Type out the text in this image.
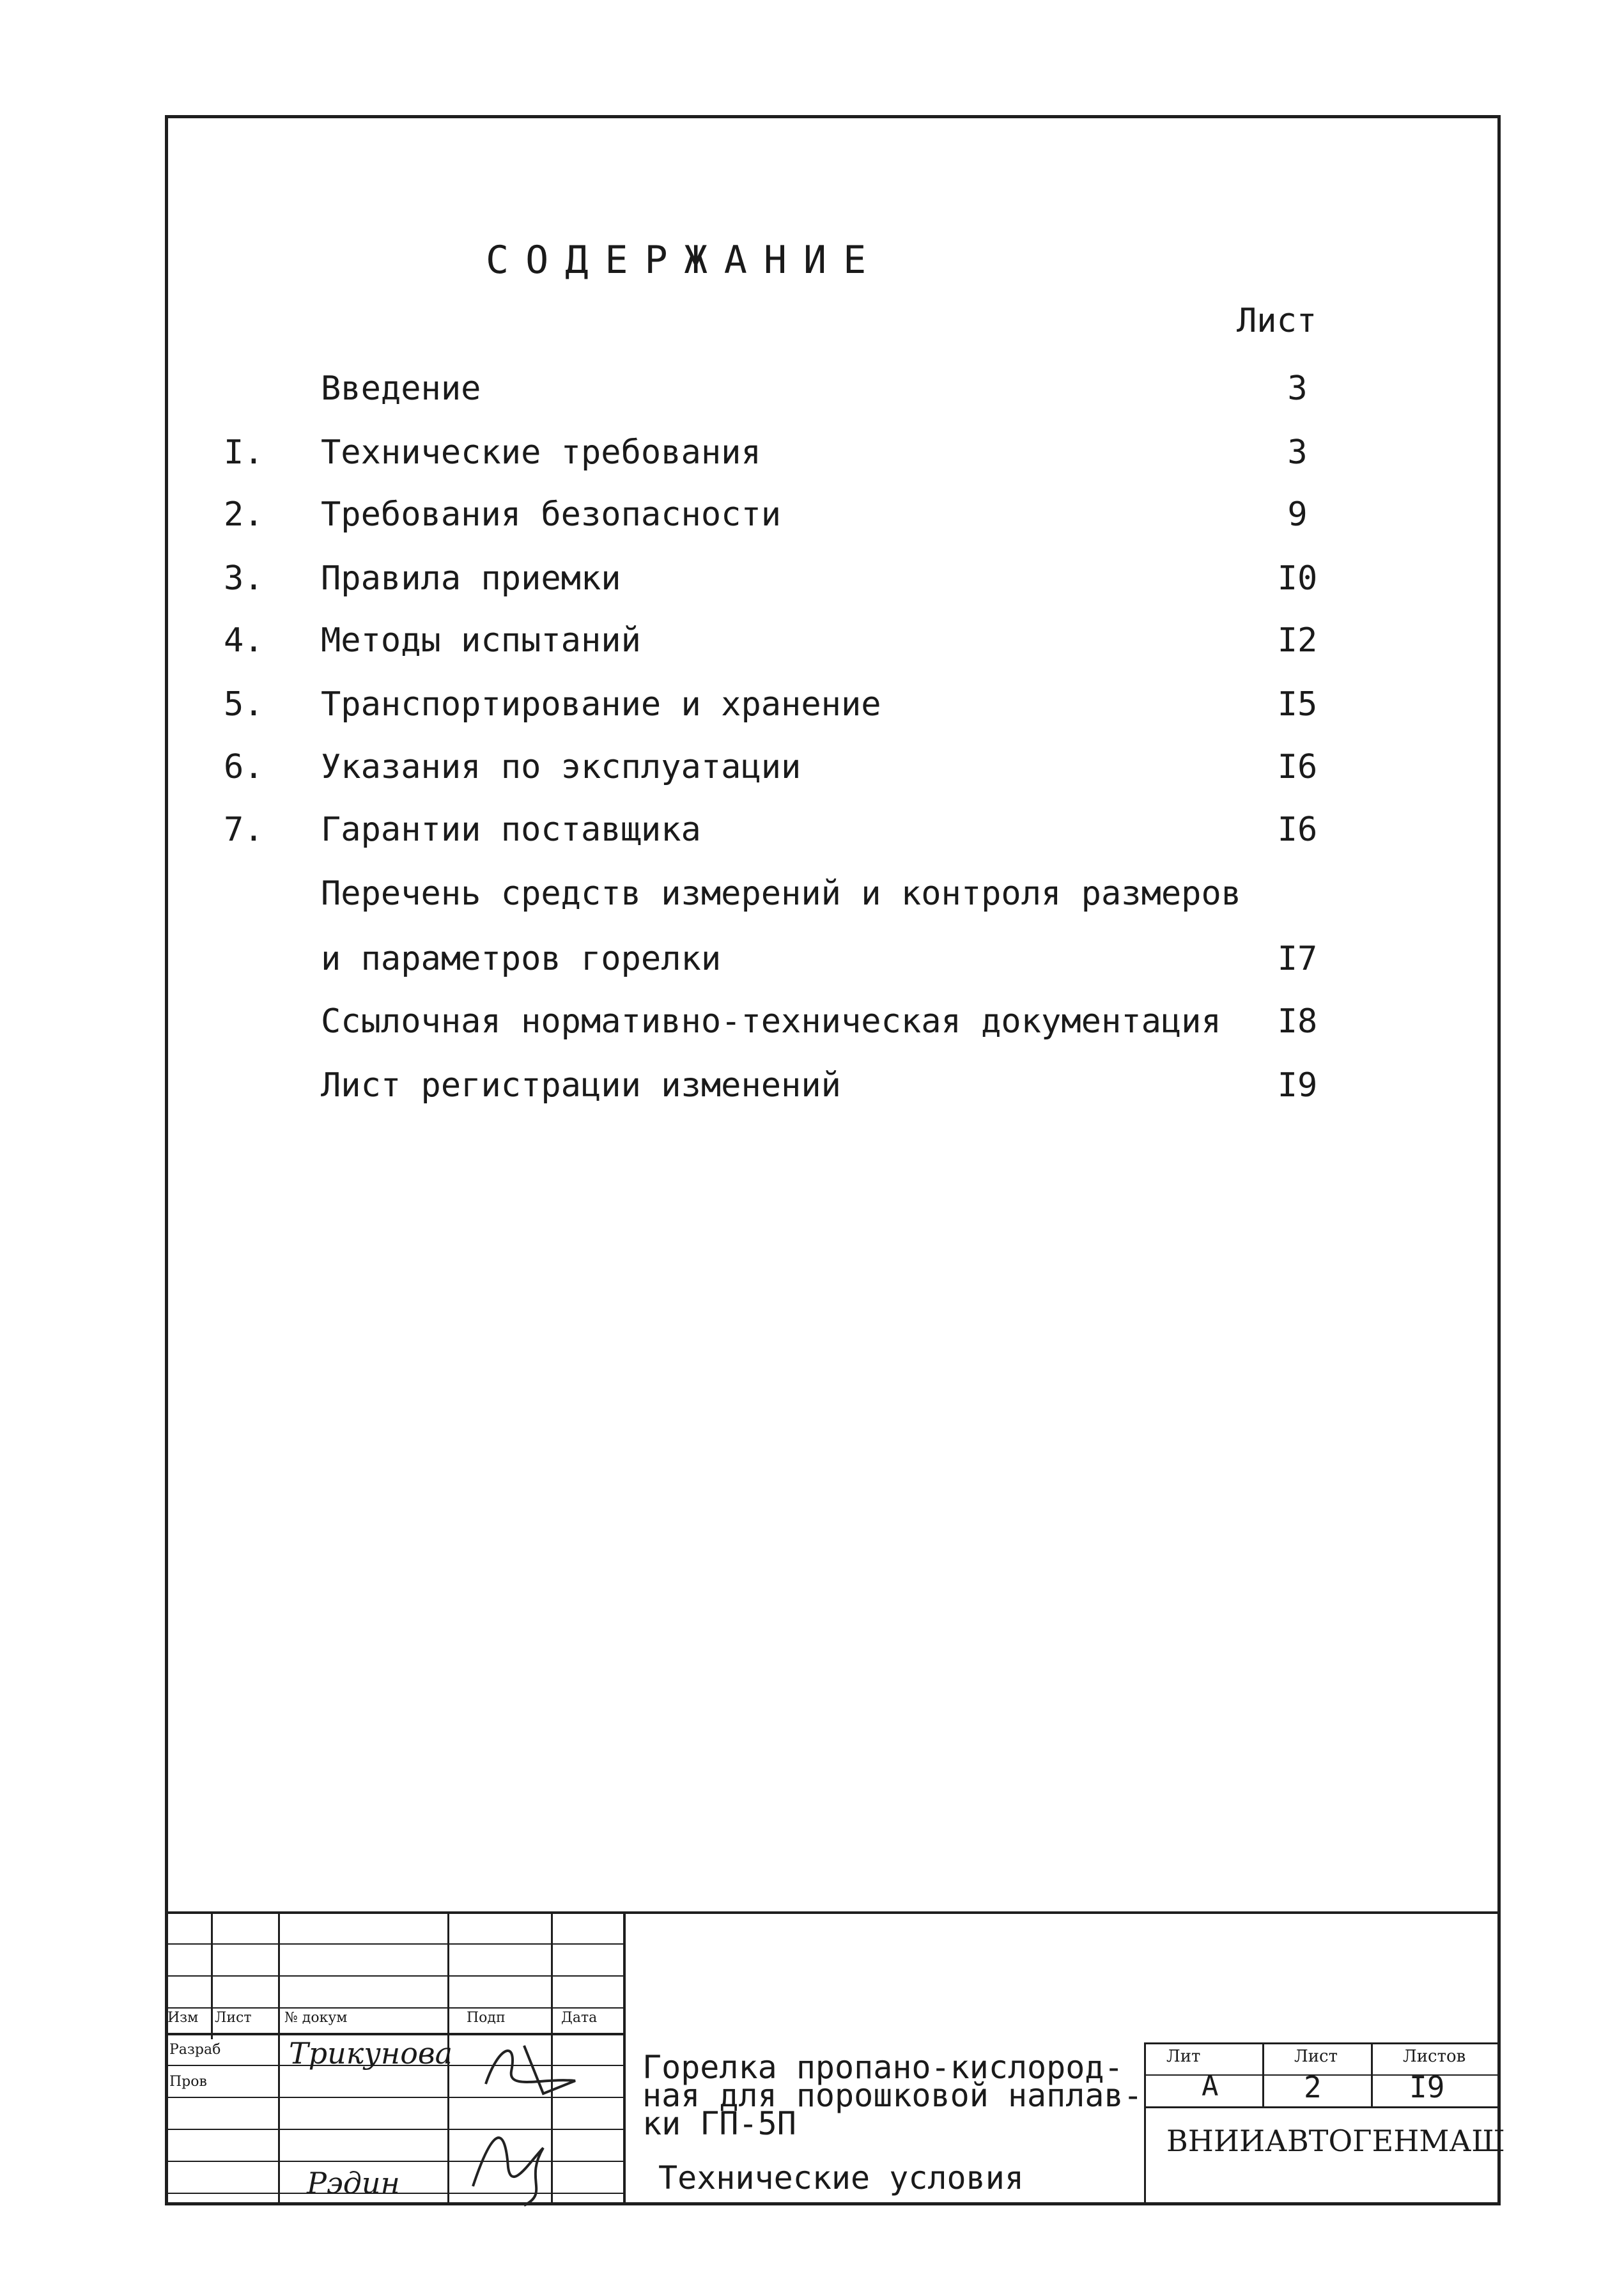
СОДЕРЖАНИЕ
Лист
Введение	3
I. Технические требования	3
2. Требования безопасности	9
3. Правила приемки	I0
4. Методы испытаний	I2
5. Транспортирование и хранение	I5
6. Указания по эксплуатации	I6
7. Гарантии поставщика	I6
Перечень средств измерений и контроля размеров
и параметров горелки	I7
Ссылочная нормативно-техническая документация I8
Лист регистрации изменений	I9
Изм Лист № докум	Подп	Дата
Разраб
Пров
Трикунова
Рэдин
Горелка пропано-кислород-
ная для порошковой наплав-
ки ГП-5П
Технические условия
Лит	Лист	Листов
А	2	I9
ВНИИАВТОГЕНМАШ
